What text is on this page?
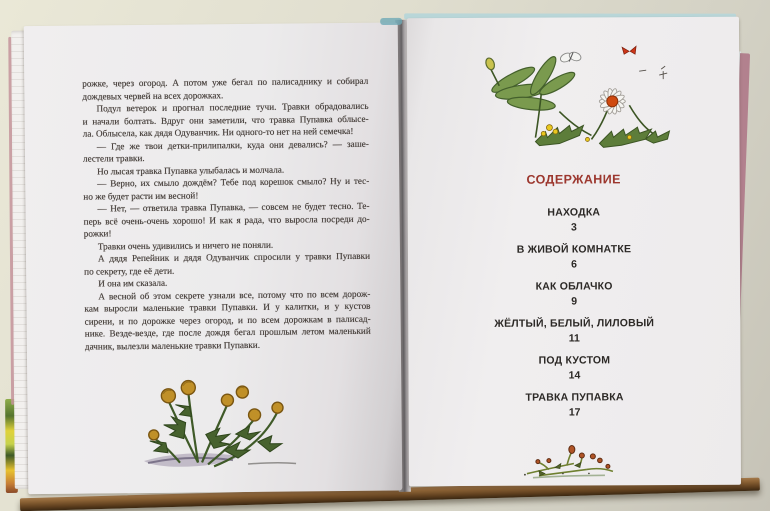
рожке, через огород. А потом уже бегал по палисаднику и собирал
дождевых червей на всех дорожках.
Подул ветерок и прогнал последние тучи. Травки обрадовались
и начали болтать. Вдруг они заметили, что травка Пупавка облысе-
ла. Облысела, как дядя Одуванчик. Ни одного-то нет на ней семечка!
— Где же твои детки-прилипалки, куда они девались? — заше-
лестели травки.
Но лысая травка Пупавка улыбалась и молчала.
— Верно, их смыло дождём? Тебе под корешок смыло? Ну и тес-
но же будет расти им весной!
— Нет, — ответила травка Пупавка, — совсем не будет тесно. Те-
перь всё очень-очень хорошо! И как я рада, что выросла посреди до-
рожки!
Травки очень удивились и ничего не поняли.
А дядя Репейник и дядя Одуванчик спросили у травки Пупавки
по секрету, где её дети.
И она им сказала.
А весной об этом секрете узнали все, потому что по всем дорож-
кам выросли маленькие травки Пупавки. И у калитки, и у кустов
сирени, и по дорожке через огород, и по всем дорожкам в палисад-
нике. Везде-везде, где после дождя бегал прошлым летом маленький
дачник, вылезли маленькие травки Пупавки.
СОДЕРЖАНИЕ
НАХОДКА
3
В ЖИВОЙ КОМНАТКЕ
6
КАК ОБЛАЧКО
9
ЖЁЛТЫЙ, БЕЛЫЙ, ЛИЛОВЫЙ
11
ПОД КУСТОМ
14
ТРАВКА ПУПАВКА
17
